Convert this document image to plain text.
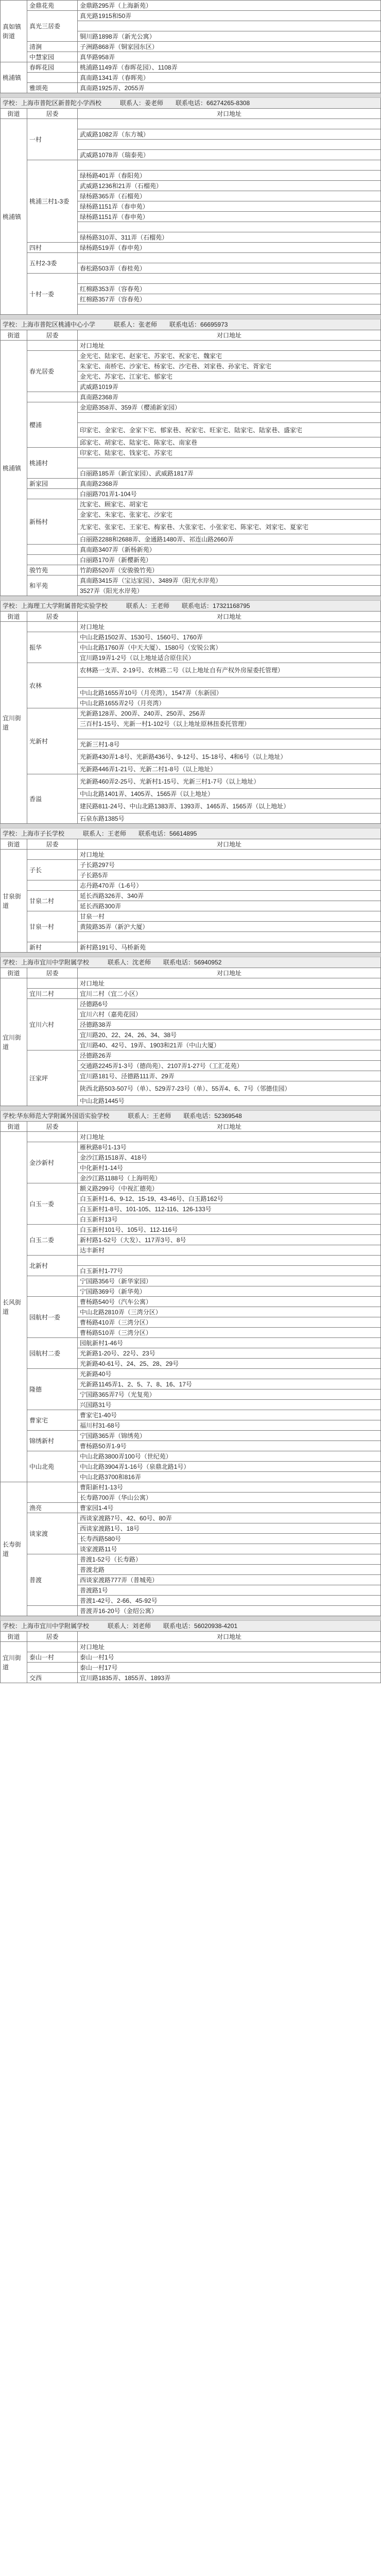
真如镇街道	金鼎花苑	金鼎路295弄（上海新苑）
	真光三居委	真光路1915和50弄

		铜川路1898弄（新光公寓）
	清涧	子洲路868弄（铜家园东区）
	中慧家园	真华路958弄
桃浦镇	春晖花园	桃浦路1149弄（春晖花园）、1108弄
		真南路1341弄（春晖苑）
	雅颂苑	真南路1925弄、2055弄

学校：上海市普陀区新普陀小学西校 联系人：姜老师 联系电话：66274265-8308		
街道	居委	对口地址
桃浦镇	一村	
		武威路1082弄（东方城）

		武威路1078弄（瑞泰苑）
	桃浦三村1-3委	
		绿杨路401弄（春阳苑）
		武威路1236和21弄（石榴苑）
		绿杨路365弄（石榴苑）
		绿杨路1151弄（春申苑）
		绿杨路1151弄（春申苑）

		绿杨路310弄、311弄（石榴苑）
	四村	绿杨路519弄（春申苑）
	五村2-3委	
		春松路503弄（春桂苑）
	十村一委	
		红棉路353弄（容春苑）
		红棉路357弄（容春苑）

学校：上海市普陀区桃浦中心小学 联系人：张老师 联系电话：66695973		
街道	居委	对口地址
桃浦镇		对口地址
	春光居委	金光宅、陆家宅、赵家宅、苏家宅、祝家宅、魏家宅
		朱家宅、南桥宅、沙家宅、杨家宅、沙宅巷、刘家巷、孙家宅、胥家宅
		金光宅、苏家宅、江家宅、郁家宅
		武威路1019弄
		真南路2368弄
	樱浦	金迎路358弄、359弄（樱浦新家园）

		印家宅、金家宅、金家下宅、郁家巷、祝家宅、旺家宅、陆家宅、陆家巷、盛家宅
		邱家宅、胡家宅、陆家宅、陈家宅、南家巷
	桃浦村	印家宅、陆家宅、钱家宅、苏家宅

		白丽路185弄（新宜家园）、武威路1817弄
	新家园	真南路2368弄
		白丽路701弄1-104号
	新杨村	沈家宅、顾家宅、胡家宅
		金家宅、朱家宅、张家宅、沙家宅
		尤家宅、张家宅、王家宅、梅家巷、大张家宅、小张家宅、陈家宅、刘家宅、夏家宅
		白丽路2288和2688弄、金通路1480弄、祁连山路2660弄
		真南路3407弄（新杨新苑）
		白丽路170弄（新樱新苑）
	骏竹苑	竹韵路520弄（安骏骏竹苑）
	和平苑	真南路3415弄（宝达家园）、3489弄（阳光水岸苑）
		3527弄（阳光水岸苑）

学校：上海理工大学附属普陀实验学校 联系人：王老师 联系电话：17321168795		
街道	居委	对口地址
宜川街道		对口地址
	振华	中山北路1502弄、1530号、1560号、1760弄
		中山北路1760弄（中天大厦）、1580号（安锐公寓）
		宜川路19弄1-2号（以上地址适合原住民）
	农林	农林路一支弄、2-19号、农林路二号（以上地址自有产权外房屋委托管理）

		中山北路1655弄10号（月亮湾），1547弄（东新园）
		中山北路1655弄2号（月亮湾）
	光新村	光新路128弄、200弄、240弄、250弄、256弄
		三百村1-15号、光新一村1-102号（以上地址原林扭委托管理）

		光新三村1-8号
		光新路430弄1-8号、光新路436号、9-12号、15-18号、4和6号（以上地址）
		光新路446弄1-21号、光新二村1-8号（以上地址）
	香溢	光新路460弄2-25号、光新村1-15号、光新三村1-7号（以上地址）
		中山北路1401弄、1405弄、1565弄（以上地址）
		建民路811-24号、中山北路1383弄、1393弄、1465弄、1565弄（以上地址）
		石泉东路1385号

学校：上海市子长学校 联系人：王老师 联系电话：56614895		
街道	居委	对口地址
甘泉街道		对口地址
	子长	子长路297号
		子长路5弄
		志丹路470弄（1-6号）
	甘泉二村	延长西路326弄、340弄
		延长西路300弄
	甘泉一村	甘泉一村
		黄陵路35弄（新沪大厦）

	新村	新村路191号、马桥新苑

学校：上海市宜川中学附属学校 联系人：沈老师 联系电话：56940952		
街道	居委	对口地址
宜川街道		对口地址
	宜川二村	宜川二村（宜二小区）
	宜川六村	泾德路6号
		宜川六村（嘉苑花园）
		泾德路38弄
		宜川路20、22、24、26、34、38号
		宜川路40、42号、19弄、1903和21弄（中山大厦）
	汪家坪	泾德路26弄
		交通路2245弄1-3号（德尚苑）、2107弄1-27号（工汇花苑）
		宜川路181号、泾德路111弄、29弄
		陕西北路503-507号（单）、529弄7-23号（单）、55弄4、6、7号（邻德佳园）
		中山北路1445号

学校:华东师范大学附属外国语实验学校 联系人：王老师 联系电话：52369548		
街道	居委	对口地址
长风街道		对口地址
	金沙新村	雁秋路8号1-13号
		金沙江路1518弄、418号
		中化新村1-14号
		金沙江路1188号（上海明苑）
	白玉一委	额义路299号（中视汇德苑）
		白玉新村1-6、9-12、15-19、43-46号、白玉路162号
		白玉新村1-8号、101-105、112-116、126-133号
		白玉新村13号
	白玉二委	白玉新村101号、105号、112-116号
		新村路1-52号（大发）、117弄3号、8号
		达丰新村
	北新村	
		白玉新村1-77号
		宁国路356号（新华家园）
		宁国路369号（新华苑）
	园航村一委	曹杨路540号（汽车公寓）
		中山北路2810弄（三湾分区）
		曹杨路410弄（三湾分区）
		曹杨路510弄（三湾分区）
	园航村二委	园航新村1-46号
		光新路1-20号、22号、23号
		光新路40-61号、24、25、28、29号
	隆德	光新路40号
		光新路1145弄1、2、5、7、8、16、17号
		宁国路365弄7号（光复苑）
		兴国路31号
	曹家宅	曹家宅1-40号
		福川村31-68号
	锦绣新村	宁国路365弄（锦绣苑）
		曹杨路50弄1-9号
	中山北苑	中山北路3800弄100号（世纪苑）
		中山北路3904弄1-16号（泉鼎北路1号）
		中山北路3700和816弄
长寿街道		曹阳新村1-13号
		长寿路700弄（华山公寓）
	渔亮	曹家园1-4号
	谈家渡	西谈家渡路7号、42、60号、80弄
		西谈家渡路1号、18号
		长寿西路580号
		谈家渡路11号
	普渡	普渡1-52号（长寿路）
		普渡北路
		西谈家渡路777弄（普城苑）
		普渡路1号
		普渡1-42号、2-66、45-92号
		普渡弄16-20号（金绍公寓）

学校：上海市宜川中学附属学校 联系人：刘老师 联系电话：56020938-4201		
街道	居委	对口地址
宜川街道		对口地址
	泰山一村	泰山一村1号
		泰山一村17号
	交西	宜川路1835弄、1855弄、1893弄
